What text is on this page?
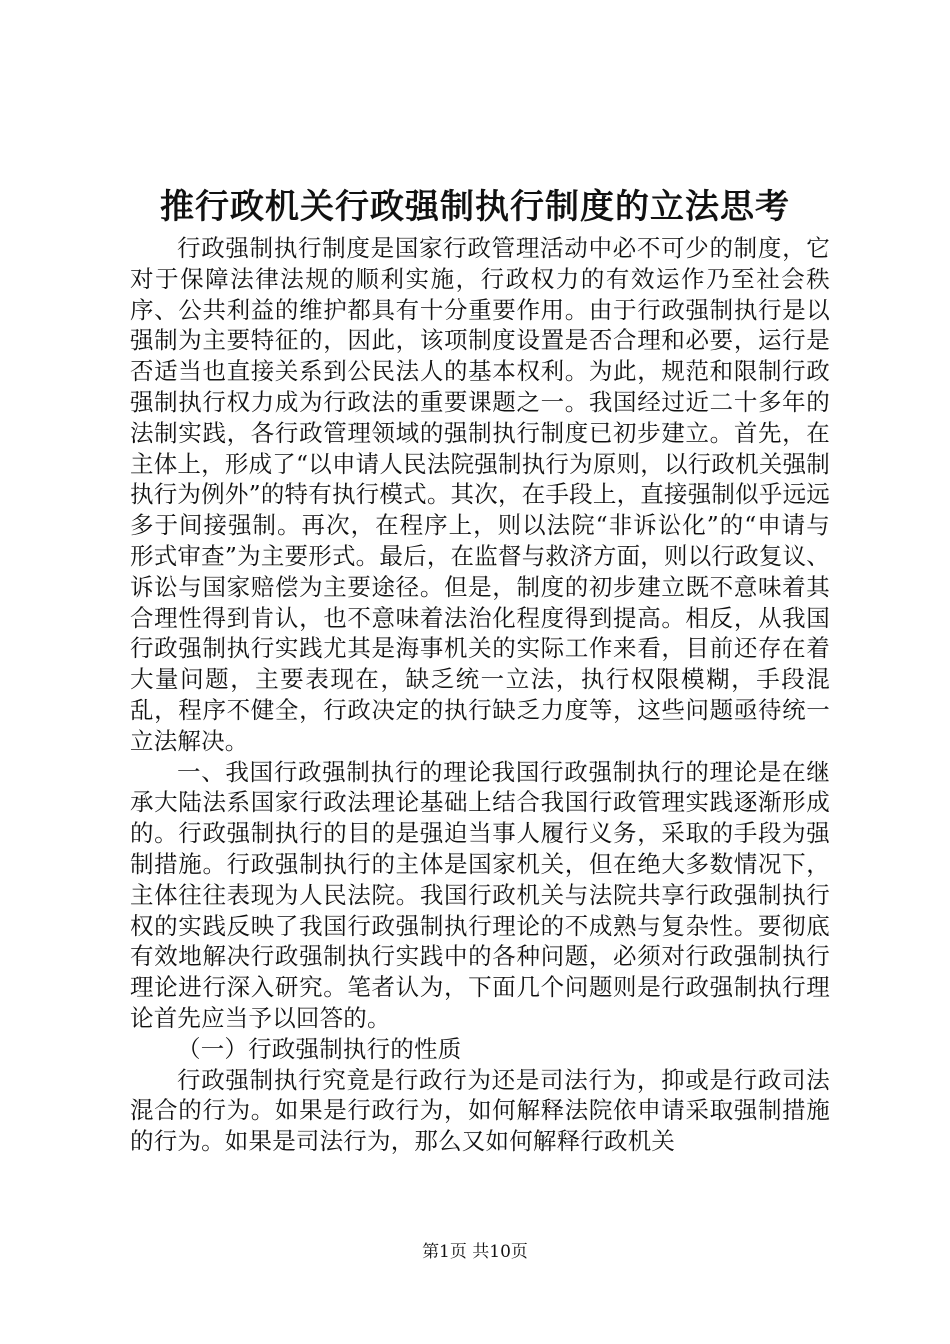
推行政机关行政强制执行制度的立法思考

行政强制执行制度是国家行政管理活动中必不可少的制度，它对于保障法律法规的顺利实施，行政权力的有效运作乃至社会秩序、公共利益的维护都具有十分重要作用。由于行政强制执行是以强制为主要特征的，因此，该项制度设置是否合理和必要，运行是否适当也直接关系到公民法人的基本权利。为此，规范和限制行政强制执行权力成为行政法的重要课题之一。我国经过近二十多年的法制实践，各行政管理领域的强制执行制度已初步建立。首先，在主体上，形成了“以申请人民法院强制执行为原则，以行政机关强制执行为例外”的特有执行模式。其次，在手段上，直接强制似乎远远多于间接强制。再次，在程序上，则以法院“非诉讼化”的“申请与形式审查”为主要形式。最后，在监督与救济方面，则以行政复议、诉讼与国家赔偿为主要途径。但是，制度的初步建立既不意味着其合理性得到肯认，也不意味着法治化程度得到提高。相反，从我国行政强制执行实践尤其是海事机关的实际工作来看，目前还存在着大量问题，主要表现在，缺乏统一立法，执行权限模糊，手段混乱，程序不健全，行政决定的执行缺乏力度等，这些问题亟待统一立法解决。

一、我国行政强制执行的理论我国行政强制执行的理论是在继承大陆法系国家行政法理论基础上结合我国行政管理实践逐渐形成的。行政强制执行的目的是强迫当事人履行义务，采取的手段为强制措施。行政强制执行的主体是国家机关，但在绝大多数情况下，主体往往表现为人民法院。我国行政机关与法院共享行政强制执行权的实践反映了我国行政强制执行理论的不成熟与复杂性。要彻底有效地解决行政强制执行实践中的各种问题，必须对行政强制执行理论进行深入研究。笔者认为，下面几个问题则是行政强制执行理论首先应当予以回答的。

（一）行政强制执行的性质

行政强制执行究竟是行政行为还是司法行为，抑或是行政司法混合的行为。如果是行政行为，如何解释法院依申请采取强制措施的行为。如果是司法行为，那么又如何解释行政机关

第1页 共10页
